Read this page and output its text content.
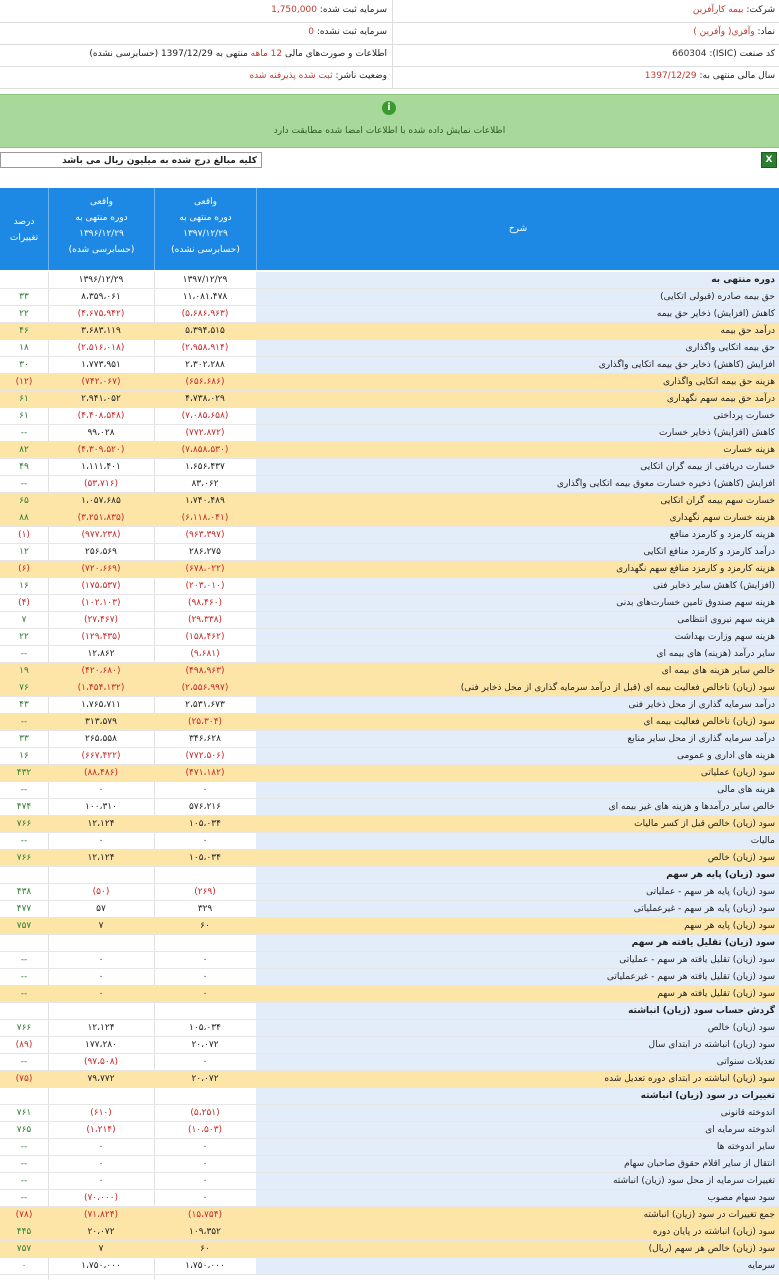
شرکت: بیمه کارآفرین
سرمایه ثبت شده: 1,750,000
نماد: وآفري( وآفرين )
سرمایه ثبت نشده: 0
کد صنعت (ISIC): 660304
اطلاعات و صورت‌های مالی 12 ماهه منتهی به 1397/12/29 (حسابرسی نشده)
سال مالی منتهی به: 1397/12/29
وضعیت ناشر: ثبت شده پذیرفته شده
i
اطلاعات نمایش داده شده با اطلاعات امضا شده مطابقت دارد
X
کلیه مبالغ درج شده به میلیون ریال می باشد
شرح
واقعی
دوره منتهی به
۱۳۹۷/۱۲/۲۹
(حسابرسی نشده)
واقعی
دوره منتهی به
۱۳۹۶/۱۲/۲۹
(حسابرسی شده)
درصد
تغییرات
دوره منتهی به
۱۳۹۷/۱۲/۲۹
۱۳۹۶/۱۲/۲۹
حق بیمه صادره (قبولی اتکایی)
۱۱،۰۸۱،۴۷۸
۸،۳۵۹،۰۶۱
۳۳
کاهش (افزایش) ذخایر حق بیمه
(۵،۶۸۶،۹۶۳)
(۴،۶۷۵،۹۴۲)
۲۲
درآمد حق بیمه
۵،۳۹۴،۵۱۵
۳،۶۸۳،۱۱۹
۴۶
حق بیمه اتکایی واگذاری
(۲،۹۵۸،۹۱۴)
(۲،۵۱۶،۰۱۸)
۱۸
افزایش (کاهش) ذخایر حق بیمه اتکایی واگذاری
۲،۳۰۲،۲۸۸
۱،۷۷۳،۹۵۱
۳۰
هزینه حق بیمه اتکایی واگذاری
(۶۵۶،۶۸۶)
(۷۴۲،۰۶۷)
(۱۲)
درآمد حق بیمه سهم نگهداری
۴،۷۳۸،۰۲۹
۲،۹۴۱،۰۵۲
۶۱
خسارت پرداختی
(۷،۰۸۵،۶۵۸)
(۴،۴۰۸،۵۴۸)
۶۱
کاهش (افزایش) ذخایر خسارت
(۷۷۲،۸۷۲)
۹۹،۰۲۸
--
هزینه خسارت
(۷،۸۵۸،۵۳۰)
(۴،۳۰۹،۵۲۰)
۸۲
خسارت دریافتی از بیمه گران اتکایی
۱،۶۵۶،۴۳۷
۱،۱۱۱،۴۰۱
۴۹
افزایش (کاهش) ذخیره خسارت معوق بیمه اتکایی واگذاری
۸۳،۰۶۲
(۵۳،۷۱۶)
--
خسارت سهم بیمه گران اتکایی
۱،۷۴۰،۴۸۹
۱،۰۵۷،۶۸۵
۶۵
هزینه خسارت سهم نگهداری
(۶،۱۱۸،۰۴۱)
(۳،۲۵۱،۸۳۵)
۸۸
هزینه کارمزد و کارمزد منافع
(۹۶۳،۳۹۷)
(۹۷۷،۲۳۸)
(۱)
درآمد کارمزد و کارمزد منافع اتکایی
۲۸۶،۲۷۵
۲۵۶،۵۶۹
۱۲
هزینه کارمزد و کارمزد منافع سهم نگهداری
(۶۷۸،۰۲۲)
(۷۲۰،۶۶۹)
(۶)
(افزایش) کاهش سایر ذخایر فنی
(۲۰۳،۰۱۰)
(۱۷۵،۵۳۷)
۱۶
هزینه سهم صندوق تامین خسارت‌های بدنی
(۹۸،۴۶۰)
(۱۰۲،۱۰۳)
(۴)
هزینه سهم نیروی انتظامی
(۲۹،۳۳۸)
(۲۷،۴۶۷)
۷
هزینه سهم وزارت بهداشت
(۱۵۸،۴۶۲)
(۱۲۹،۴۳۵)
۲۲
سایر درآمد (هزینه) های بیمه ای
(۹،۶۸۱)
۱۲،۸۶۲
--
خالص سایر هزینه های بیمه ای
(۴۹۸،۹۶۳)
(۴۲۰،۶۸۰)
۱۹
سود (زیان) ناخالص فعالیت بیمه ای (قبل از درآمد سرمایه گذاری از محل ذخایر فنی)
(۲،۵۵۶،۹۹۷)
(۱،۴۵۴،۱۳۲)
۷۶
درآمد سرمایه گذاری از محل ذخایر فنی
۲،۵۳۱،۶۷۳
۱،۷۶۵،۷۱۱
۴۳
سود (زیان) ناخالص فعالیت بیمه ای
(۲۵،۳۰۴)
۳۱۳،۵۷۹
--
درآمد سرمایه گذاری از محل سایر منابع
۳۴۶،۶۲۸
۲۶۵،۵۵۸
۳۳
هزینه های اداری و عمومی
(۷۷۲،۵۰۶)
(۶۶۷،۴۲۲)
۱۶
سود (زیان) عملیاتی
(۴۷۱،۱۸۲)
(۸۸،۴۸۶)
۴۳۲
هزینه های مالی
۰
۰
--
خالص سایر درآمدها و هزینه های غیر بیمه ای
۵۷۶،۲۱۶
۱۰۰،۳۱۰
۴۷۴
سود (زیان) خالص قبل از کسر مالیات
۱۰۵،۰۳۴
۱۲،۱۲۴
۷۶۶
مالیات
۰
۰
--
سود (زیان) خالص
۱۰۵،۰۳۴
۱۲،۱۲۴
۷۶۶
سود (زیان) پایه هر سهم
سود (زیان) پایه هر سهم - عملیاتی
(۲۶۹)
(۵۰)
۴۳۸
سود (زیان) پایه هر سهم - غیرعملیاتی
۳۲۹
۵۷
۴۷۷
سود (زیان) پایه هر سهم
۶۰
۷
۷۵۷
سود (زیان) تقلیل یافته هر سهم
سود (زیان) تقلیل یافته هر سهم - عملیاتی
۰
۰
--
سود (زیان) تقلیل یافته هر سهم - غیرعملیاتی
۰
۰
--
سود (زیان) تقلیل یافته هر سهم
۰
۰
--
گردش حساب سود (زیان) انباشته
سود (زیان) خالص
۱۰۵،۰۳۴
۱۲،۱۲۴
۷۶۶
سود (زیان) انباشته در ابتدای سال
۲۰،۰۷۲
۱۷۷،۲۸۰
(۸۹)
تعدیلات سنواتی
۰
(۹۷،۵۰۸)
--
سود (زیان) انباشته در ابتدای دوره تعدیل شده
۲۰،۰۷۲
۷۹،۷۷۲
(۷۵)
تغییرات در سود (زیان) انباشته
اندوخته قانونی
(۵،۲۵۱)
(۶۱۰)
۷۶۱
اندوخته سرمایه ای
(۱۰،۵۰۳)
(۱،۲۱۴)
۷۶۵
سایر اندوخته ها
۰
۰
--
انتقال از سایر اقلام حقوق صاحبان سهام
۰
۰
--
تغییرات سرمایه از محل سود (زیان) انباشته
۰
۰
--
سود سهام مصوب
۰
(۷۰،۰۰۰)
--
جمع تغییرات در سود (زیان) انباشته
(۱۵،۷۵۴)
(۷۱،۸۲۴)
(۷۸)
سود (زیان) انباشته در پایان دوره
۱۰۹،۳۵۲
۲۰،۰۷۲
۴۴۵
سود (زیان) خالص هر سهم (ریال)
۶۰
۷
۷۵۷
سرمایه
۱،۷۵۰،۰۰۰
۱،۷۵۰،۰۰۰
۰
